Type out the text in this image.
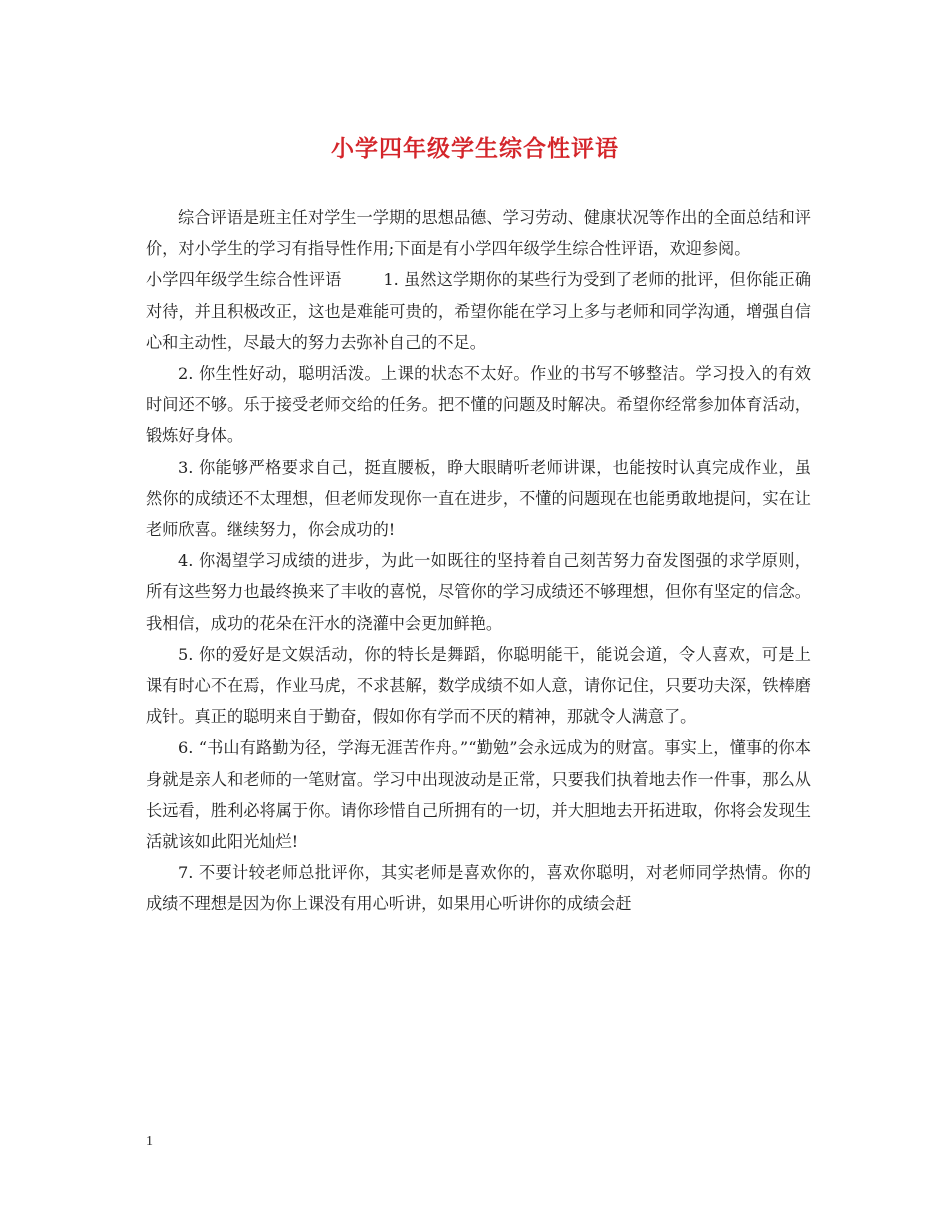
小学四年级学生综合性评语

综合评语是班主任对学生一学期的思想品德、学习劳动、健康状况等作出的全面总结和评价，对小学生的学习有指导性作用;下面是有小学四年级学生综合性评语，欢迎参阅。

小学四年级学生综合性评语	1. 虽然这学期你的某些行为受到了老师的批评，但你能正确对待，并且积极改正，这也是难能可贵的，希望你能在学习上多与老师和同学沟通，增强自信心和主动性，尽最大的努力去弥补自己的不足。

2. 你生性好动，聪明活泼。上课的状态不太好。作业的书写不够整洁。学习投入的有效时间还不够。乐于接受老师交给的任务。把不懂的问题及时解决。希望你经常参加体育活动，锻炼好身体。

3. 你能够严格要求自己，挺直腰板，睁大眼睛听老师讲课，也能按时认真完成作业，虽然你的成绩还不太理想，但老师发现你一直在进步，不懂的问题现在也能勇敢地提问，实在让老师欣喜。继续努力，你会成功的!

4. 你渴望学习成绩的进步，为此一如既往的坚持着自己刻苦努力奋发图强的求学原则，所有这些努力也最终换来了丰收的喜悦，尽管你的学习成绩还不够理想，但你有坚定的信念。我相信，成功的花朵在汗水的浇灌中会更加鲜艳。

5. 你的爱好是文娱活动，你的特长是舞蹈，你聪明能干，能说会道，令人喜欢，可是上课有时心不在焉，作业马虎，不求甚解，数学成绩不如人意，请你记住，只要功夫深，铁棒磨成针。真正的聪明来自于勤奋，假如你有学而不厌的精神，那就令人满意了。

6. “书山有路勤为径，学海无涯苦作舟。”“勤勉”会永远成为的财富。事实上，懂事的你本身就是亲人和老师的一笔财富。学习中出现波动是正常，只要我们执着地去作一件事，那么从长远看，胜利必将属于你。请你珍惜自己所拥有的一切，并大胆地去开拓进取，你将会发现生活就该如此阳光灿烂!

7. 不要计较老师总批评你，其实老师是喜欢你的，喜欢你聪明，对老师同学热情。你的成绩不理想是因为你上课没有用心听讲，如果用心听讲你的成绩会赶

1
